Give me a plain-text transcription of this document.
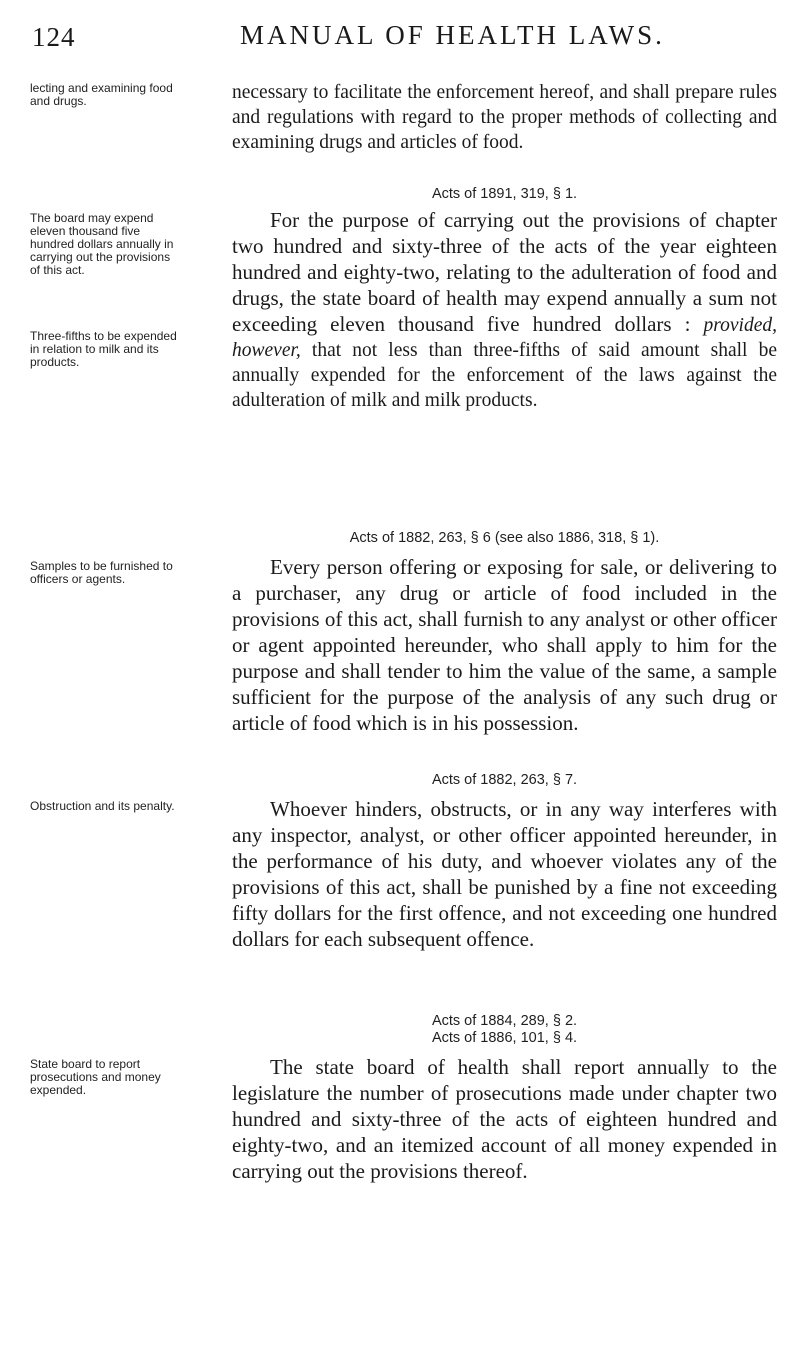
124	MANUAL OF HEALTH LAWS.
lecting and examining food and drugs.	necessary to facilitate the enforcement hereof, and shall prepare rules and regulations with regard to the proper methods of collecting and examining drugs and articles of food.

Acts of 1891, 319, § 1.
The board may expend eleven thousand five hundred dollars annually in carrying out the provisions of this act.
Three-fifths to be expended in relation to milk and its products.

For the purpose of carrying out the provisions of chapter two hundred and sixty-three of the acts of the year eighteen hundred and eighty-two, relating to the adulteration of food and drugs, the state board of health may expend annually a sum not exceeding eleven thousand five hundred dollars : provided, however, that not less than three-fifths of said amount shall be annually expended for the enforcement of the laws against the adulteration of milk and milk products.

Acts of 1882, 263, § 6 (see also 1886, 318, § 1).
Samples to be furnished to officers or agents.	Every person offering or exposing for sale, or delivering to a purchaser, any drug or article of food included in the provisions of this act, shall furnish to any analyst or other officer or agent appointed hereunder, who shall apply to him for the purpose and shall tender to him the value of the same, a sample sufficient for the purpose of the analysis of any such drug or article of food which is in his possession.

Acts of 1882, 263, § 7.
Obstruction and its penalty.	Whoever hinders, obstructs, or in any way interferes with any inspector, analyst, or other officer appointed hereunder, in the performance of his duty, and whoever violates any of the provisions of this act, shall be punished by a fine not exceeding fifty dollars for the first offence, and not exceeding one hundred dollars for each subsequent offence.

Acts of 1884, 289, § 2.
Acts of 1886, 101, § 4.
State board to report prosecutions and money expended.

The state board of health shall report annually to the legislature the number of prosecutions made under chapter two hundred and sixty-three of the acts of eighteen hundred and eighty-two, and an itemized account of all money expended in carrying out the provisions thereof.
